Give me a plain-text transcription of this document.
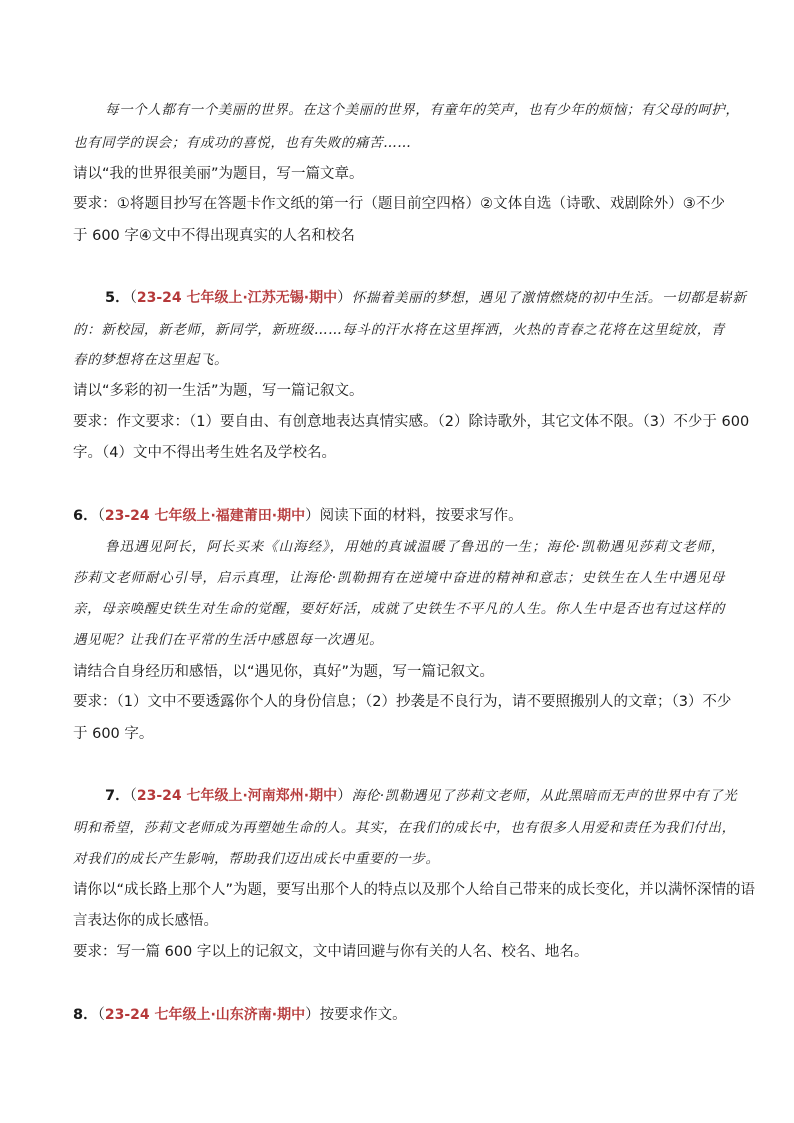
每一个人都有一个美丽的世界。在这个美丽的世界，有童年的笑声，也有少年的烦恼；有父母的呵护，
也有同学的误会；有成功的喜悦，也有失败的痛苦……
请以“我的世界很美丽”为题目，写一篇文章。
要求：①将题目抄写在答题卡作文纸的第一行（题目前空四格）②文体自选（诗歌、戏剧除外）③不少
于 600 字④文中不得出现真实的人名和校名
5．（23-24 七年级上·江苏无锡·期中）怀揣着美丽的梦想，遇见了激情燃烧的初中生活。一切都是崭新
的：新校园，新老师，新同学，新班级……每斗的汗水将在这里挥洒，火热的青春之花将在这里绽放，青
春的梦想将在这里起飞。
请以“多彩的初一生活”为题，写一篇记叙文。
要求：作文要求：（1）要自由、有创意地表达真情实感。（2）除诗歌外，其它文体不限。（3）不少于 600
字。（4）文中不得出考生姓名及学校名。
6．（23-24 七年级上·福建莆田·期中）阅读下面的材料，按要求写作。
鲁迅遇见阿长，阿长买来《山海经》，用她的真诚温暖了鲁迅的一生；海伦·凯勒遇见莎莉文老师，
莎莉文老师耐心引导，启示真理，让海伦·凯勒拥有在逆境中奋进的精神和意志；史铁生在人生中遇见母
亲，母亲唤醒史铁生对生命的觉醒，要好好活，成就了史铁生不平凡的人生。你人生中是否也有过这样的
遇见呢？让我们在平常的生活中感恩每一次遇见。
请结合自身经历和感悟，以“遇见你，真好”为题，写一篇记叙文。
要求：（1）文中不要透露你个人的身份信息；（2）抄袭是不良行为，请不要照搬别人的文章；（3）不少
于 600 字。
7．（23-24 七年级上·河南郑州·期中）海伦·凯勒遇见了莎莉文老师，从此黑暗而无声的世界中有了光
明和希望，莎莉文老师成为再塑她生命的人。其实，在我们的成长中，也有很多人用爱和责任为我们付出，
对我们的成长产生影响，帮助我们迈出成长中重要的一步。
请你以“成长路上那个人”为题，要写出那个人的特点以及那个人给自己带来的成长变化，并以满怀深情的语
言表达你的成长感悟。
要求：写一篇 600 字以上的记叙文，文中请回避与你有关的人名、校名、地名。
8．（23-24 七年级上·山东济南·期中）按要求作文。
